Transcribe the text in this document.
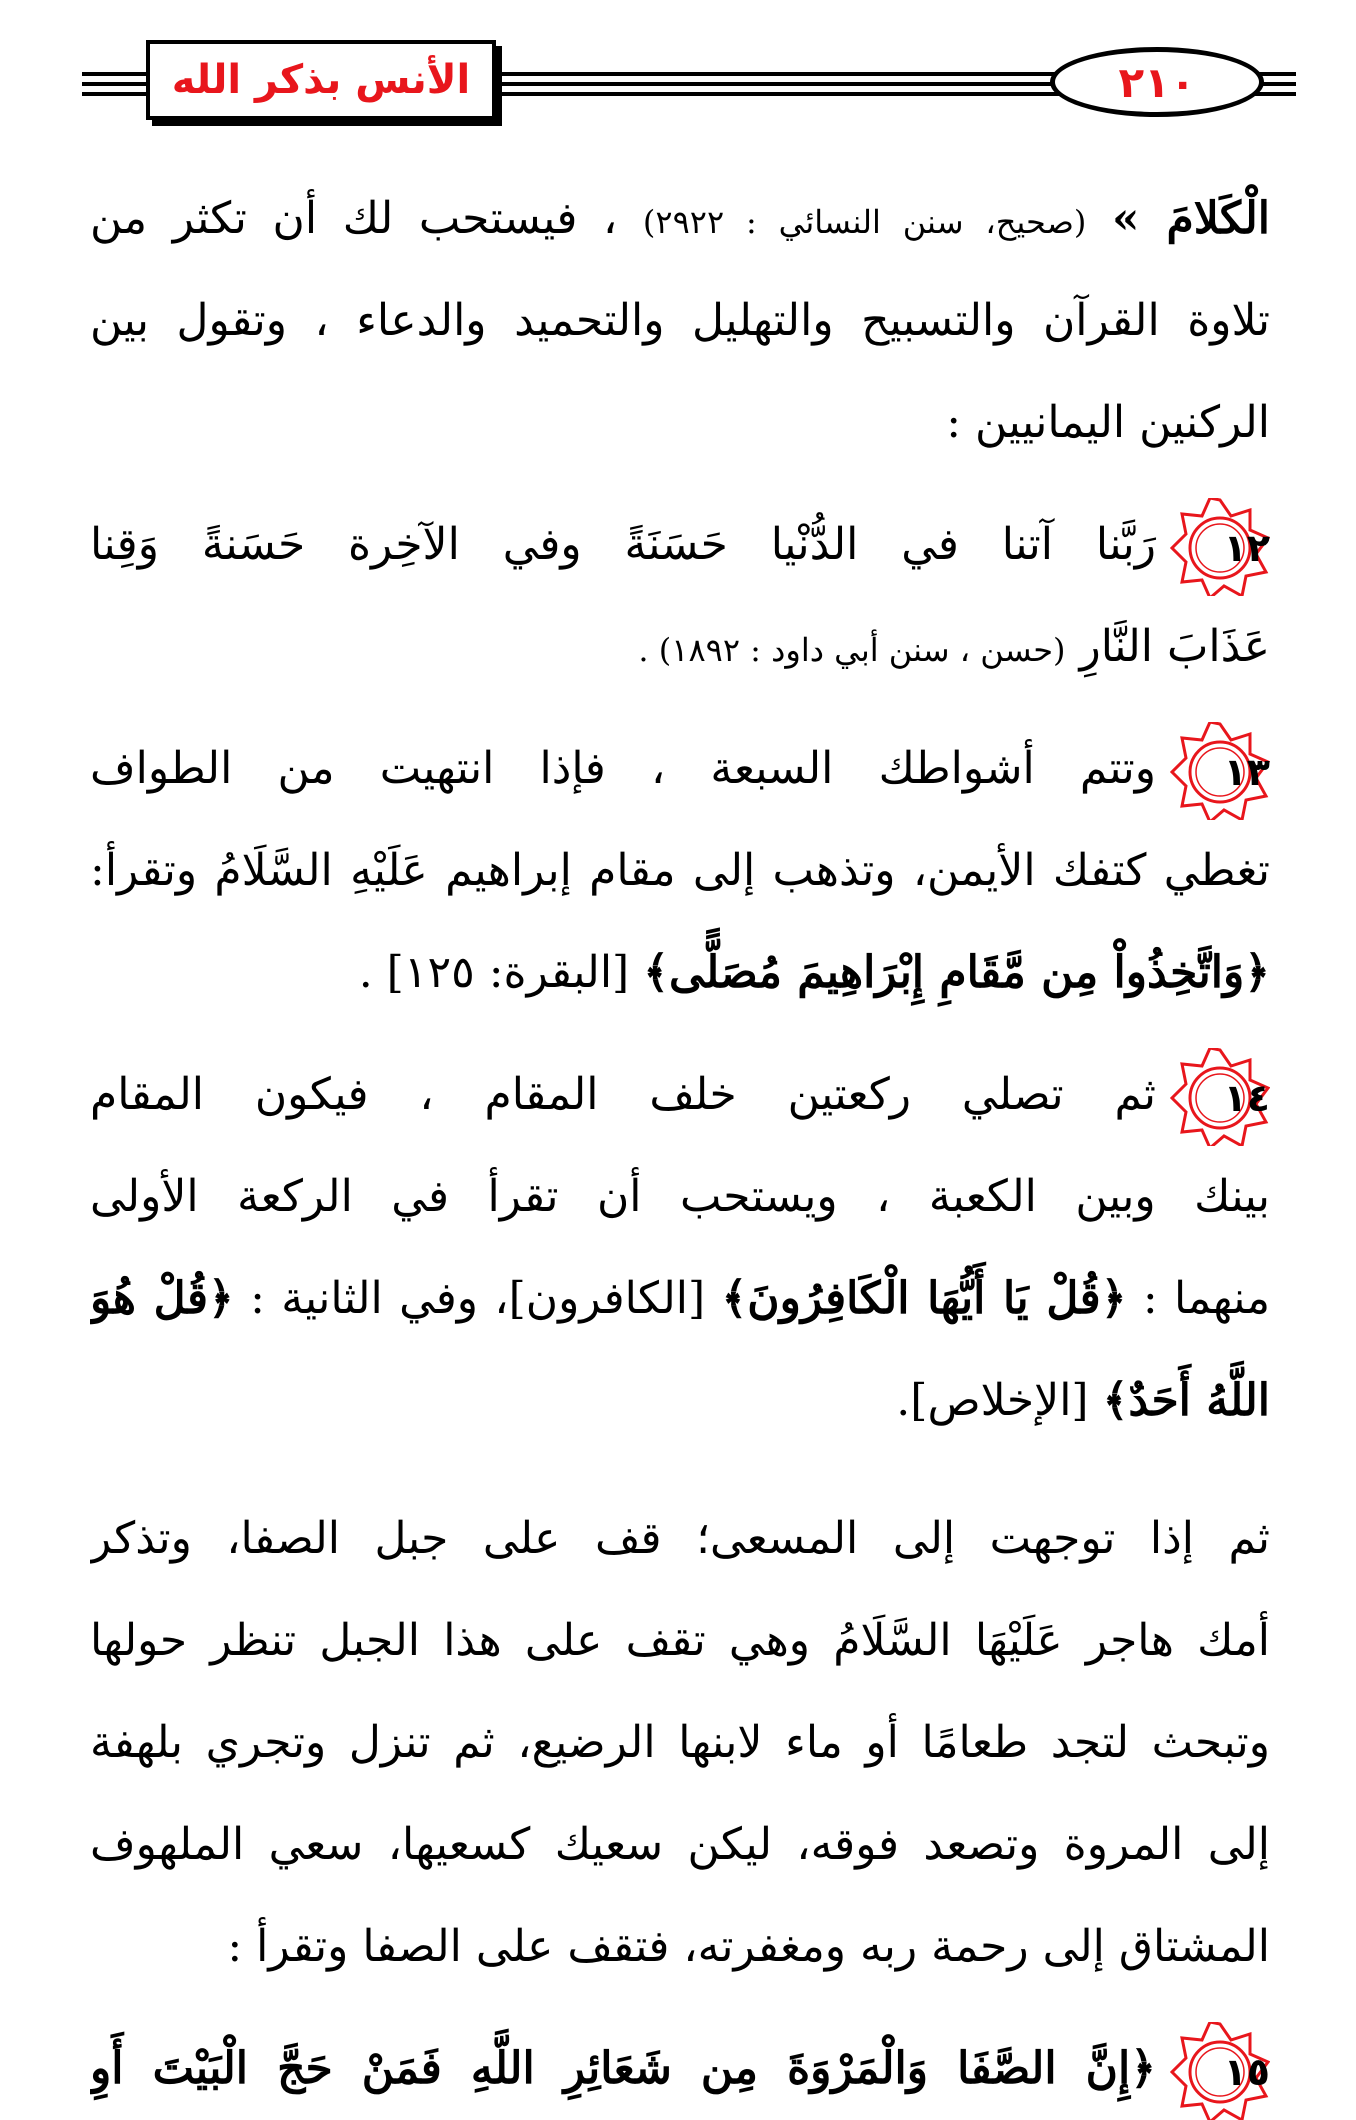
الأنس بذكر الله	٢١٠
الْكَلامَ » (صحيح، سنن النسائي : ٢٩٢٢) ، فيستحب لك أن تكثر من
تلاوة القرآن والتسبيح والتهليل والتحميد والدعاء ، وتقول بين
الركنين اليمانيين :
١٢
رَبَّنا آتنا في الدُّنْيا حَسَنَةً وفي الآخِرة حَسَنةً وَقِنا
عَذَابَ النَّارِ (حسن ، سنن أبي داود : ١٨٩٢) .
١٣
وتتم أشواطك السبعة ، فإذا انتهيت من الطواف
تغطي كتفك الأيمن، وتذهب إلى مقام إبراهيم عَلَيْهِ السَّلَامُ وتقرأ:
﴿وَاتَّخِذُواْ مِن مَّقَامِ إِبْرَاهِيمَ مُصَلًّى﴾ [البقرة: ١٢٥] .
١٤
ثم تصلي ركعتين خلف المقام ، فيكون المقام
بينك وبين الكعبة ، ويستحب أن تقرأ في الركعة الأولى
منهما : ﴿قُلْ يَا أَيُّهَا الْكَافِرُونَ﴾ [الكافرون]، وفي الثانية : ﴿قُلْ هُوَ
اللَّهُ أَحَدٌ﴾ [الإخلاص].
ثم إذا توجهت إلى المسعى؛ قف على جبل الصفا، وتذكر
أمك هاجر عَلَيْهَا السَّلَامُ وهي تقف على هذا الجبل تنظر حولها
وتبحث لتجد طعامًا أو ماء لابنها الرضيع، ثم تنزل وتجري بلهفة
إلى المروة وتصعد فوقه، ليكن سعيك كسعيها، سعي الملهوف
المشتاق إلى رحمة ربه ومغفرته، فتقف على الصفا وتقرأ :
١٥
﴿إِنَّ الصَّفَا وَالْمَرْوَةَ مِن شَعَائِرِ اللَّهِ فَمَنْ حَجَّ الْبَيْتَ أَوِ
